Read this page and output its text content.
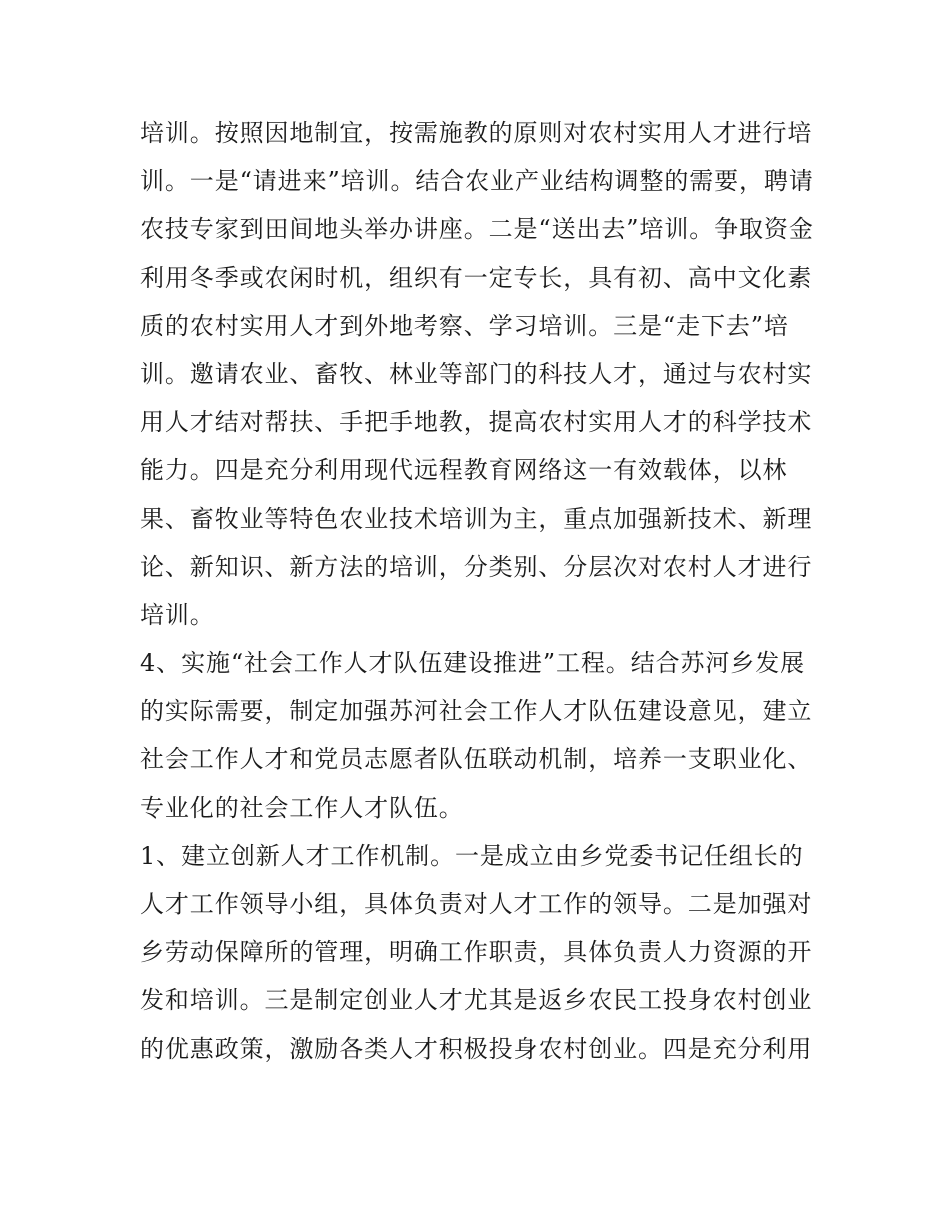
培训。按照因地制宜，按需施教的原则对农村实用人才进行培
训。一是“请进来”培训。结合农业产业结构调整的需要，聘请
农技专家到田间地头举办讲座。二是“送出去”培训。争取资金
利用冬季或农闲时机，组织有一定专长，具有初、高中文化素
质的农村实用人才到外地考察、学习培训。三是“走下去”培
训。邀请农业、畜牧、林业等部门的科技人才，通过与农村实
用人才结对帮扶、手把手地教，提高农村实用人才的科学技术
能力。四是充分利用现代远程教育网络这一有效载体，以林
果、畜牧业等特色农业技术培训为主，重点加强新技术、新理
论、新知识、新方法的培训，分类别、分层次对农村人才进行
培训。
4、实施“社会工作人才队伍建设推进”工程。结合苏河乡发展
的实际需要，制定加强苏河社会工作人才队伍建设意见，建立
社会工作人才和党员志愿者队伍联动机制，培养一支职业化、
专业化的社会工作人才队伍。
1、建立创新人才工作机制。一是成立由乡党委书记任组长的
人才工作领导小组，具体负责对人才工作的领导。二是加强对
乡劳动保障所的管理，明确工作职责，具体负责人力资源的开
发和培训。三是制定创业人才尤其是返乡农民工投身农村创业
的优惠政策，激励各类人才积极投身农村创业。四是充分利用
